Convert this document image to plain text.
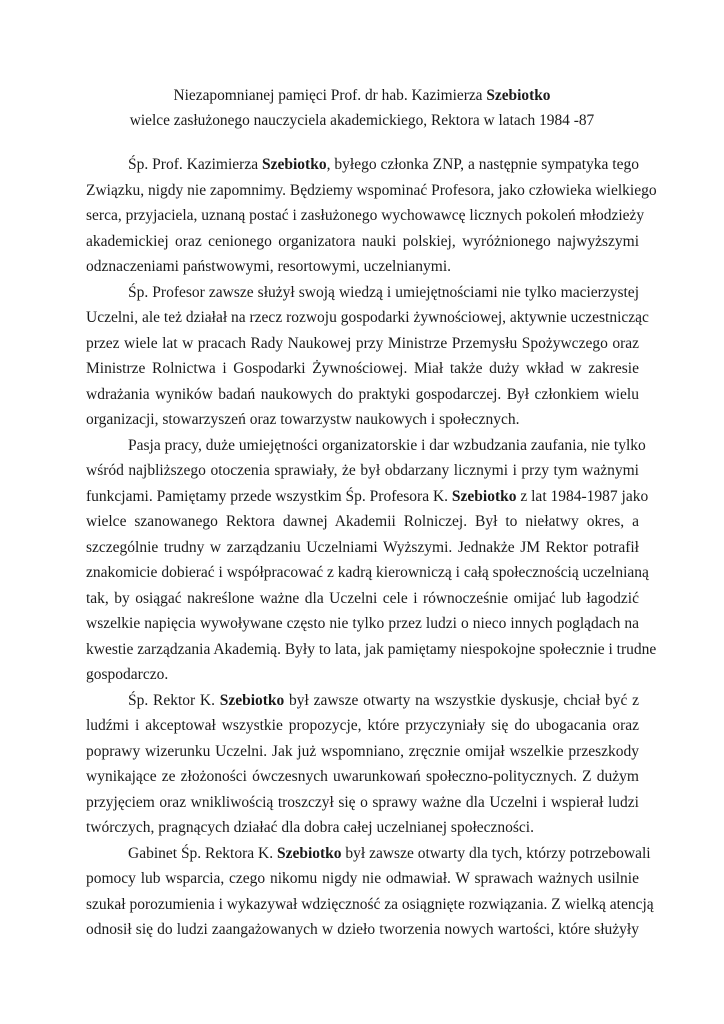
Niezapomnianej pamięci Prof. dr hab. Kazimierza Szebiotko
wielce zasłużonego nauczyciela akademickiego, Rektora w latach 1984 -87
Śp. Prof. Kazimierza Szebiotko, byłego członka ZNP, a następnie sympatyka tego
Związku, nigdy nie zapomnimy. Będziemy wspominać Profesora, jako człowieka wielkiego
serca, przyjaciela, uznaną postać i zasłużonego wychowawcę licznych pokoleń młodzieży
akademickiej oraz cenionego organizatora nauki polskiej, wyróżnionego najwyższymi
odznaczeniami państwowymi, resortowymi, uczelnianymi.
Śp. Profesor zawsze służył swoją wiedzą i umiejętnościami nie tylko macierzystej
Uczelni, ale też działał na rzecz rozwoju gospodarki żywnościowej, aktywnie uczestnicząc
przez wiele lat w pracach Rady Naukowej przy Ministrze Przemysłu Spożywczego oraz
Ministrze Rolnictwa i Gospodarki Żywnościowej. Miał także duży wkład w zakresie
wdrażania wyników badań naukowych do praktyki gospodarczej. Był członkiem wielu
organizacji, stowarzyszeń oraz towarzystw naukowych i społecznych.
Pasja pracy, duże umiejętności organizatorskie i dar wzbudzania zaufania, nie tylko
wśród najbliższego otoczenia sprawiały, że był obdarzany licznymi i przy tym ważnymi
funkcjami. Pamiętamy przede wszystkim Śp. Profesora K. Szebiotko z lat 1984-1987 jako
wielce szanowanego Rektora dawnej Akademii Rolniczej. Był to niełatwy okres, a
szczególnie trudny w zarządzaniu Uczelniami Wyższymi. Jednakże JM Rektor potrafił
znakomicie dobierać i współpracować z kadrą kierowniczą i całą społecznością uczelnianą
tak, by osiągać nakreślone ważne dla Uczelni cele i równocześnie omijać lub łagodzić
wszelkie napięcia wywoływane często nie tylko przez ludzi o nieco innych poglądach na
kwestie zarządzania Akademią. Były to lata, jak pamiętamy niespokojne społecznie i trudne
gospodarczo.
Śp. Rektor K. Szebiotko był zawsze otwarty na wszystkie dyskusje, chciał być z
ludźmi i akceptował wszystkie propozycje, które przyczyniały się do ubogacania oraz
poprawy wizerunku Uczelni. Jak już wspomniano, zręcznie omijał wszelkie przeszkody
wynikające ze złożoności ówczesnych uwarunkowań społeczno-politycznych. Z dużym
przyjęciem oraz wnikliwością troszczył się o sprawy ważne dla Uczelni i wspierał ludzi
twórczych, pragnących działać dla dobra całej uczelnianej społeczności.
Gabinet Śp. Rektora K. Szebiotko był zawsze otwarty dla tych, którzy potrzebowali
pomocy lub wsparcia, czego nikomu nigdy nie odmawiał. W sprawach ważnych usilnie
szukał porozumienia i wykazywał wdzięczność za osiągnięte rozwiązania. Z wielką atencją
odnosił się do ludzi zaangażowanych w dzieło tworzenia nowych wartości, które służyły
